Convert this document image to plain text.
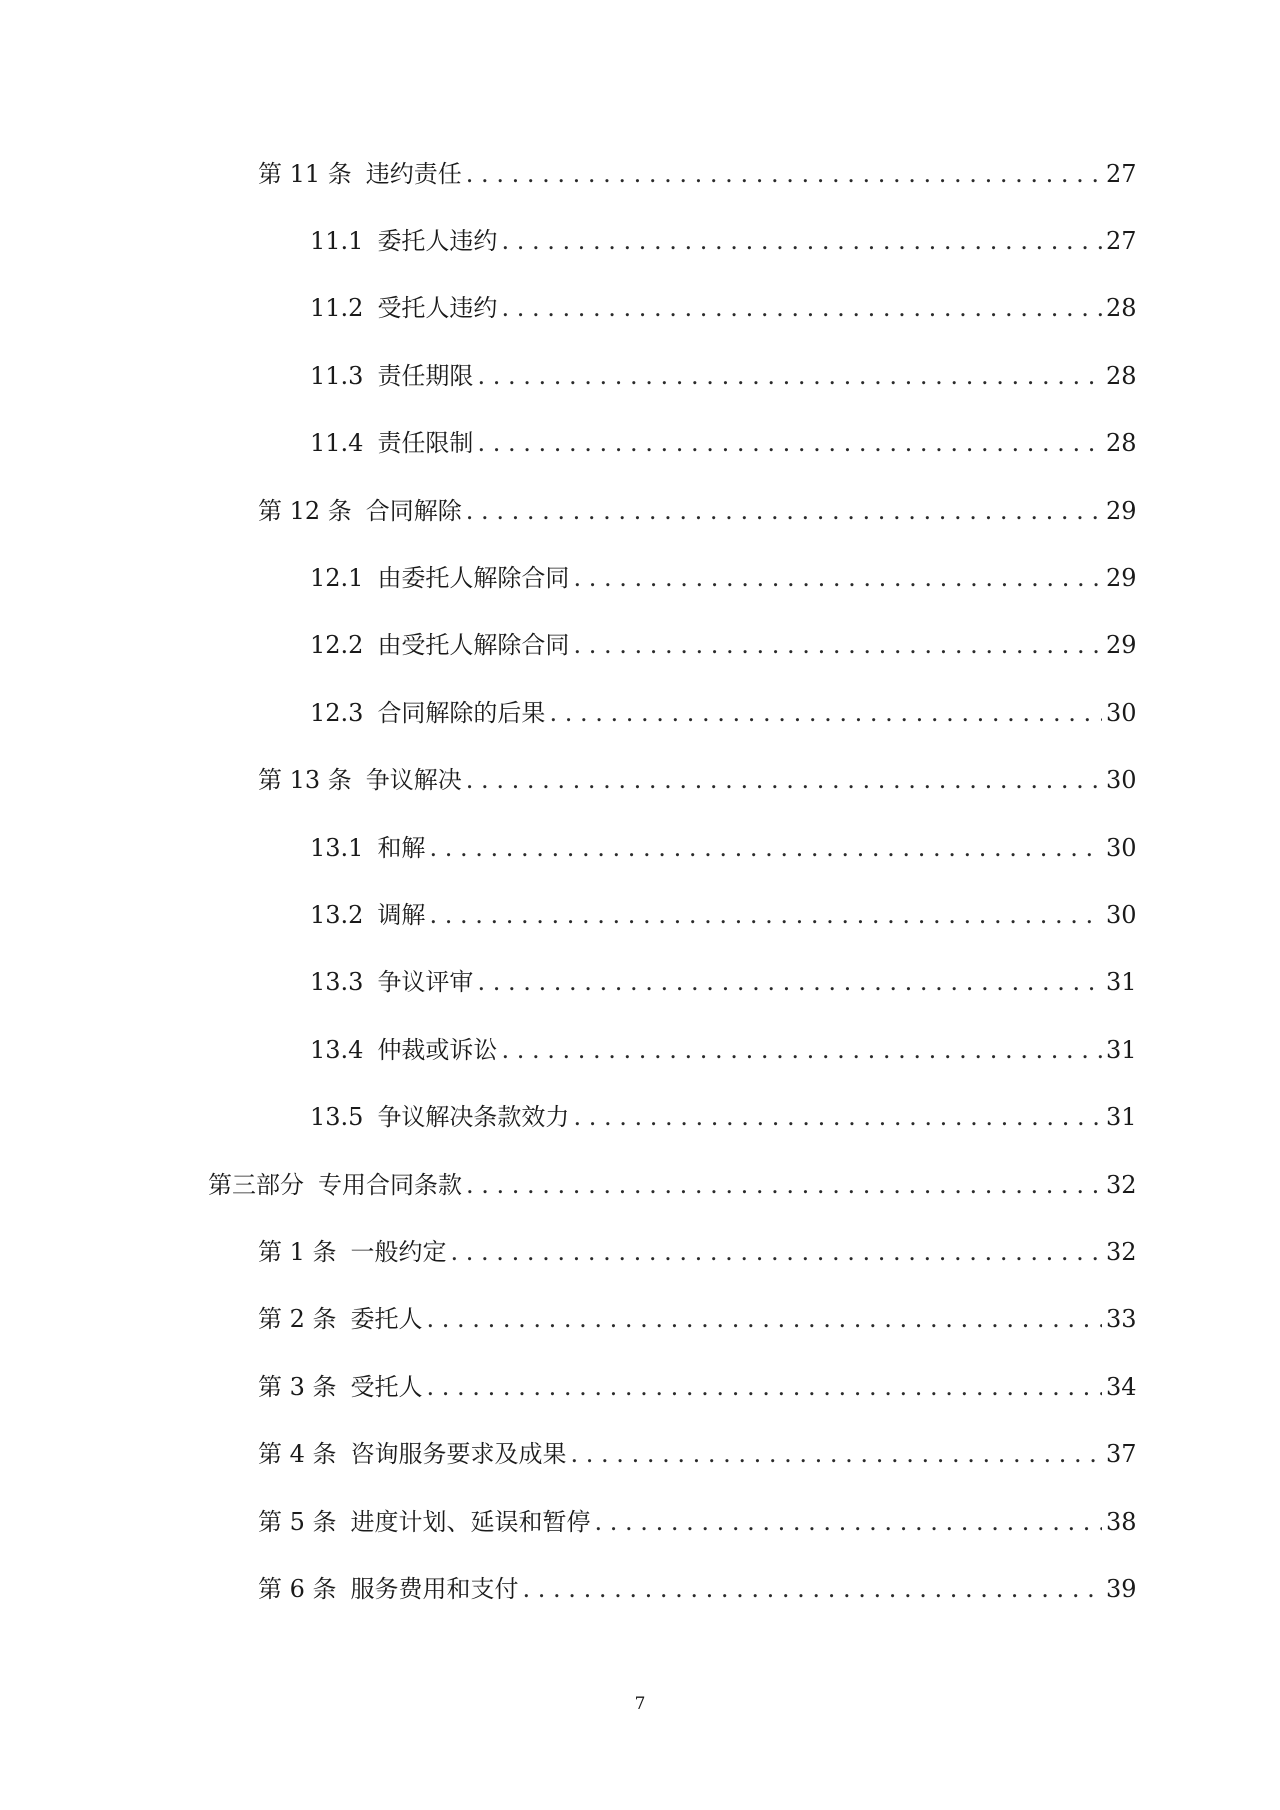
第 11 条 违约责任 . . .	27
11.1 委托人违约 . . .	27
11.2 受托人违约 . . .	28
11.3 责任期限 . . .	28
11.4 责任限制 . . .	28
第 12 条 合同解除 . . .	29
12.1 由委托人解除合同 . . .	29
12.2 由受托人解除合同 . . .	29
12.3 合同解除的后果 . . .	30
第 13 条 争议解决 . . .	30
13.1 和解 . . .	30
13.2 调解 . . .	30
13.3 争议评审 . . .	31
13.4 仲裁或诉讼 . . .	31
13.5 争议解决条款效力 . . .	31
第三部分 专用合同条款 . . .	32
第 1 条 一般约定 . . .	32
第 2 条 委托人 . . .	33
第 3 条 受托人 . . .	34
第 4 条 咨询服务要求及成果 . . .	37
第 5 条 进度计划、延误和暂停 . . .	38
第 6 条 服务费用和支付 . . .	39
7
